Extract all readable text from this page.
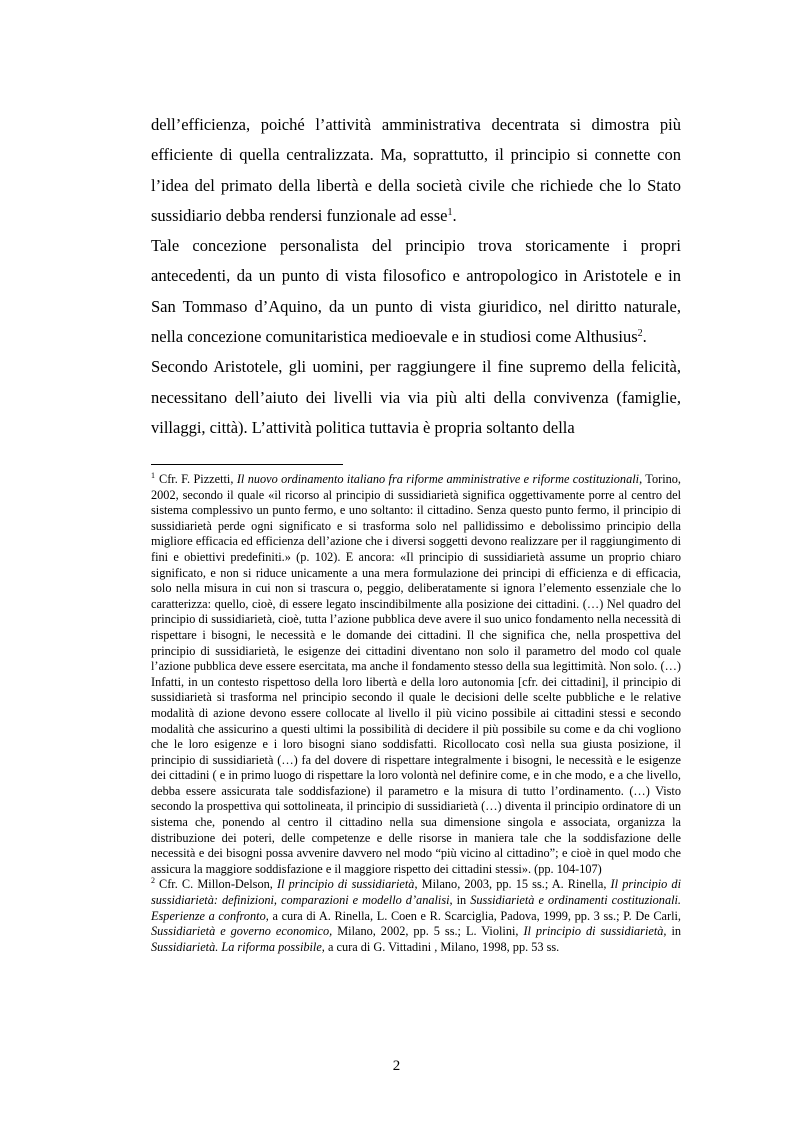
dell’efficienza, poiché l’attività amministrativa decentrata si dimostra più efficiente di quella centralizzata. Ma, soprattutto, il principio si connette con l’idea del primato della libertà e della società civile che richiede che lo Stato sussidiario debba rendersi funzionale ad esse$^1$.

Tale concezione personalista del principio trova storicamente i propri antecedenti, da un punto di vista filosofico e antropologico in Aristotele e in San Tommaso d’Aquino, da un punto di vista giuridico, nel diritto naturale, nella concezione comunitaristica medioevale e in studiosi come Althusius$^2$.

Secondo Aristotele, gli uomini, per raggiungere il fine supremo della felicità, necessitano dell’aiuto dei livelli via via più alti della convivenza (famiglie, villaggi, città). L’attività politica tuttavia è propria soltanto della

$^1$ Cfr. F. Pizzetti, Il nuovo ordinamento italiano fra riforme amministrative e riforme costituzionali, Torino, 2002, secondo il quale «il ricorso al principio di sussidiarietà significa oggettivamente porre al centro del sistema complessivo un punto fermo, e uno soltanto: il cittadino. Senza questo punto fermo, il principio di sussidiarietà perde ogni significato e si trasforma solo nel pallidissimo e debolissimo principio della migliore efficacia ed efficienza dell’azione che i diversi soggetti devono realizzare per il raggiungimento di fini e obiettivi predefiniti.» (p. 102). E ancora: «Il principio di sussidiarietà assume un proprio chiaro significato, e non si riduce unicamente a una mera formulazione dei principi di efficienza e di efficacia, solo nella misura in cui non si trascura o, peggio, deliberatamente si ignora l’elemento essenziale che lo caratterizza: quello, cioè, di essere legato inscindibilmente alla posizione dei cittadini. (…) Nel quadro del principio di sussidiarietà, cioè, tutta l’azione pubblica deve avere il suo unico fondamento nella necessità di rispettare i bisogni, le necessità e le domande dei cittadini. Il che significa che, nella prospettiva del principio di sussidiarietà, le esigenze dei cittadini diventano non solo il parametro del modo col quale l’azione pubblica deve essere esercitata, ma anche il fondamento stesso della sua legittimità. Non solo. (…) Infatti, in un contesto rispettoso della loro libertà e della loro autonomia [cfr. dei cittadini], il principio di sussidiarietà si trasforma nel principio secondo il quale le decisioni delle scelte pubbliche e le relative modalità di azione devono essere collocate al livello il più vicino possibile ai cittadini stessi e secondo modalità che assicurino a questi ultimi la possibilità di decidere il più possibile su come e da chi vogliono che le loro esigenze e i loro bisogni siano soddisfatti. Ricollocato così nella sua giusta posizione, il principio di sussidiarietà (…) fa del dovere di rispettare integralmente i bisogni, le necessità e le esigenze dei cittadini ( e in primo luogo di rispettare la loro volontà nel definire come, e in che modo, e a che livello, debba essere assicurata tale soddisfazione) il parametro e la misura di tutto l’ordinamento. (…) Visto secondo la prospettiva qui sottolineata, il principio di sussidiarietà (…) diventa il principio ordinatore di un sistema che, ponendo al centro il cittadino nella sua dimensione singola e associata, organizza la distribuzione dei poteri, delle competenze e delle risorse in maniera tale che la soddisfazione delle necessità e dei bisogni possa avvenire davvero nel modo “più vicino al cittadino”; e cioè in quel modo che assicura la maggiore soddisfazione e il maggiore rispetto dei cittadini stessi». (pp. 104-107)

$^2$ Cfr. C. Millon-Delson, Il principio di sussidiarietà, Milano, 2003, pp. 15 ss.; A. Rinella, Il principio di sussidiarietà: definizioni, comparazioni e modello d’analisi, in Sussidiarietà e ordinamenti costituzionali. Esperienze a confronto, a cura di A. Rinella, L. Coen e R. Scarciglia, Padova, 1999, pp. 3 ss.; P. De Carli, Sussidiarietà e governo economico, Milano, 2002, pp. 5 ss.; L. Violini, Il principio di sussidiarietà, in Sussidiarietà. La riforma possibile, a cura di G. Vittadini , Milano, 1998, pp. 53 ss.

2
